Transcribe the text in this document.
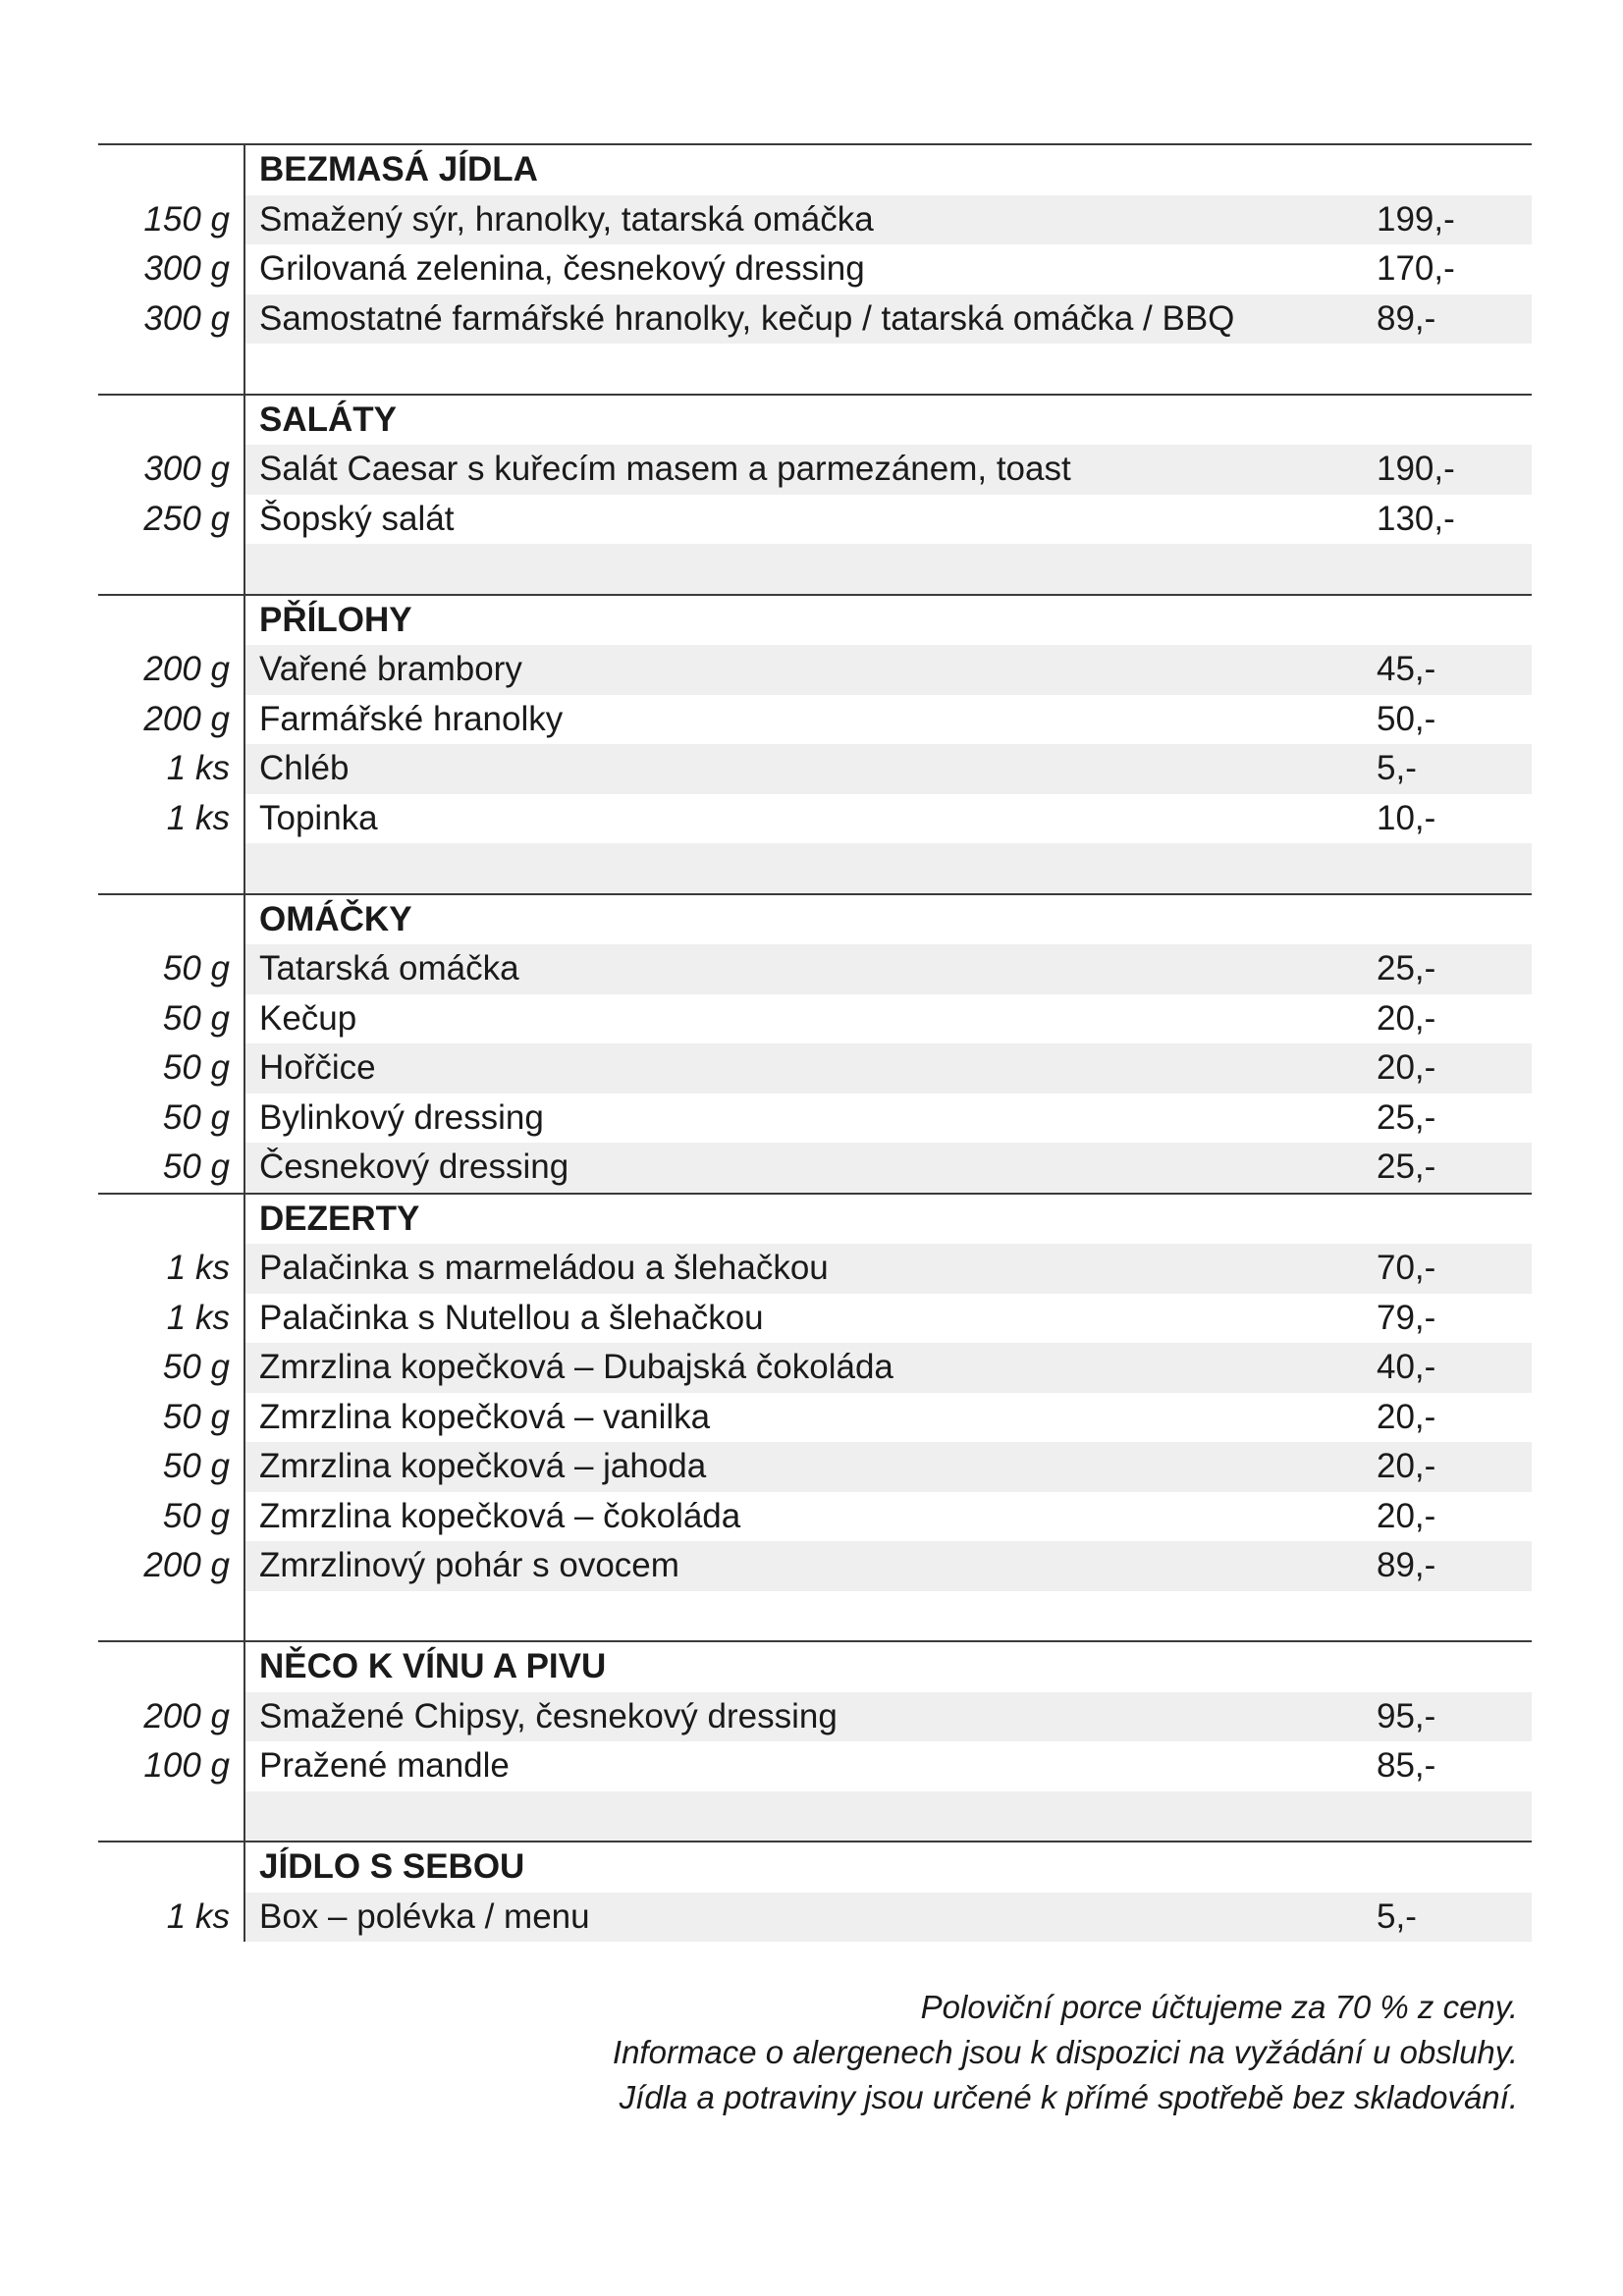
BEZMASÁ JÍDLA
150 g Smažený sýr, hranolky, tatarská omáčka	199,-
300 g Grilovaná zelenina, česnekový dressing	170,-
300 g Samostatné farmářské hranolky, kečup / tatarská omáčka / BBQ	89,-
SALÁTY
300 g Salát Caesar s kuřecím masem a parmezánem, toast	190,-
250 g Šopský salát	130,-
PŘÍLOHY
200 g Vařené brambory	45,-
200 g Farmářské hranolky	50,-
1 ks Chléb	5,-
1 ks Topinka	10,-
OMÁČKY
50 g Tatarská omáčka	25,-
50 g Kečup	20,-
50 g Hořčice	20,-
50 g Bylinkový dressing	25,-
50 g Česnekový dressing	25,-
DEZERTY
1 ks Palačinka s marmeládou a šlehačkou	70,-
1 ks Palačinka s Nutellou a šlehačkou	79,-
50 g Zmrzlina kopečková – Dubajská čokoláda	40,-
50 g Zmrzlina kopečková – vanilka	20,-
50 g Zmrzlina kopečková – jahoda	20,-
50 g Zmrzlina kopečková – čokoláda	20,-
200 g Zmrzlinový pohár s ovocem	89,-
NĚCO K VÍNU A PIVU
200 g Smažené Chipsy, česnekový dressing	95,-
100 g Pražené mandle	85,-
JÍDLO S SEBOU
1 ks Box – polévka / menu	5,-
Poloviční porce účtujeme za 70 % z ceny.
Informace o alergenech jsou k dispozici na vyžádání u obsluhy.
Jídla a potraviny jsou určené k přímé spotřebě bez skladování.
